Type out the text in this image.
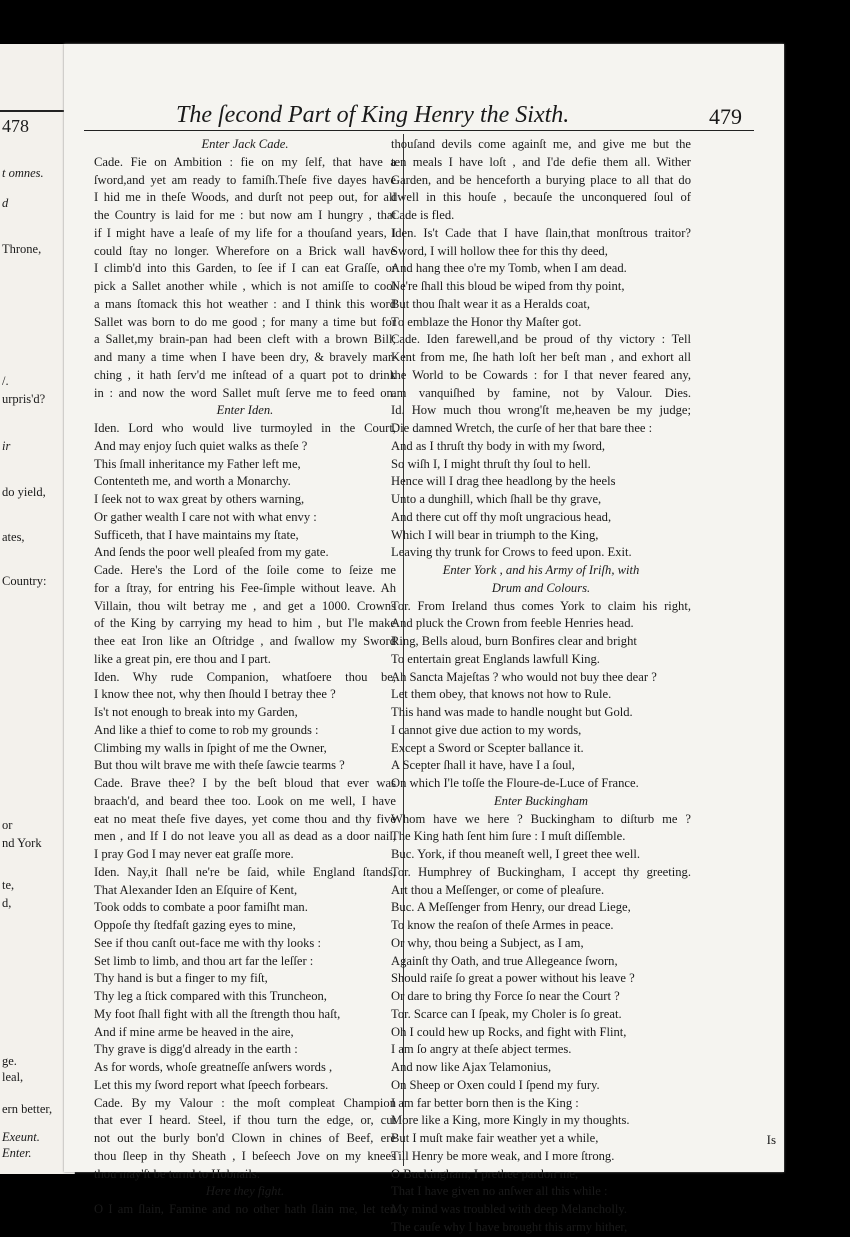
478
t omnes.
d
Throne,
/.
urpris'd?
ir
do yield,
ates,
Country:
or
nd York
te,
d,
ge.
leal,
ern better,
Exeunt.
Enter.
The ſecond Part of King Henry the Sixth.	479
Enter Jack Cade.
Cade. Fie on Ambition : fie on my ſelf, that have a
ſword,and yet am ready to famiſh.Theſe five dayes have
I hid me in theſe Woods, and durſt not peep out, for all
the Country is laid for me : but now am I hungry , that
if I might have a leaſe of my life for a thouſand years, I
could ſtay no longer. Wherefore on a Brick wall have
I climb'd into this Garden, to ſee if I can eat Graſſe, or
pick a Sallet another while , which is not amiſſe to cool
a mans ſtomack this hot weather : and I think this word
Sallet was born to do me good ; for many a time but for
a Sallet,my brain-pan had been cleft with a brown Bill;
and many a time when I have been dry, & bravely mar-
ching , it hath ſerv'd me inſtead of a quart pot to drink
in : and now the word Sallet muſt ſerve me to feed on.
Enter Iden.
Iden. Lord who would live turmoyled in the Court,
And may enjoy ſuch quiet walks as theſe ?
This ſmall inheritance my Father left me,
Contenteth me, and worth a Monarchy.
I ſeek not to wax great by others warning,
Or gather wealth I care not with what envy :
Sufficeth, that I have maintains my ſtate,
And ſends the poor well pleaſed from my gate.
Cade. Here's the Lord of the ſoile come to ſeize me
for a ſtray, for entring his Fee-ſimple without leave. Ah
Villain, thou wilt betray me , and get a 1000. Crowns
of the King by carrying my head to him , but I'le make
thee eat Iron like an Oſtridge , and ſwallow my Sword
like a great pin, ere thou and I part.
Iden. Why rude Companion, whatſoere thou be,
I know thee not, why then ſhould I betray thee ?
Is't not enough to break into my Garden,
And like a thief to come to rob my grounds :
Climbing my walls in ſpight of me the Owner,
But thou wilt brave me with theſe ſawcie tearms ?
Cade. Brave thee? I by the beſt bloud that ever was
braach'd, and beard thee too. Look on me well, I have
eat no meat theſe five dayes, yet come thou and thy five
men , and If I do not leave you all as dead as a door nail,
I pray God I may never eat graſſe more.
Iden. Nay,it ſhall ne're be ſaid, while England ſtands,
That Alexander Iden an Eſquire of Kent,
Took odds to combate a poor famiſht man.
Oppoſe thy ſtedfaſt gazing eyes to mine,
See if thou canſt out-face me with thy looks :
Set limb to limb, and thou art far the leſſer :
Thy hand is but a finger to my fiſt,
Thy leg a ſtick compared with this Truncheon,
My foot ſhall fight with all the ſtrength thou haſt,
And if mine arme be heaved in the aire,
Thy grave is digg'd already in the earth :
As for words, whoſe greatneſſe anſwers words ,
Let this my ſword report what ſpeech forbears.
Cade. By my Valour : the moſt compleat Champion
that ever I heard. Steel, if thou turn the edge, or, cut
not out the burly bon'd Clown in chines of Beef, ere
thou ſleep in thy Sheath , I beſeech Jove on my knees
thou may'ſt be turnd to Hobnails.
Here they fight.
O I am ſlain, Famine and no other hath ſlain me, let ten
thouſand devils come againſt me, and give me but the
ten meals I have loſt , and I'de defie them all. Wither
Garden, and be henceforth a burying place to all that do
dwell in this houſe , becauſe the unconquered ſoul of
Cade is fled.
Iden. Is't Cade that I have ſlain,that monſtrous traitor?
Sword, I will hollow thee for this thy deed,
And hang thee o're my Tomb, when I am dead.
Ne're ſhall this bloud be wiped from thy point,
But thou ſhalt wear it as a Heralds coat,
To emblaze the Honor thy Maſter got.
Cade. Iden farewell,and be proud of thy victory : Tell
Kent from me, ſhe hath loſt her beſt man , and exhort all
the World to be Cowards : for I that never feared any,
am vanquiſhed by famine, not by Valour. Dies.
Id. How much thou wrong'ſt me,heaven be my judge;
Die damned Wretch, the curſe of her that bare thee :
And as I thruſt thy body in with my ſword,
So wiſh I, I might thruſt thy ſoul to hell.
Hence will I drag thee headlong by the heels
Unto a dunghill, which ſhall be thy grave,
And there cut off thy moſt ungracious head,
Which I will bear in triumph to the King,
Leaving thy trunk for Crows to feed upon. Exit.
Enter York , and his Army of Iriſh, with
Drum and Colours.
Tor. From Ireland thus comes York to claim his right,
And pluck the Crown from feeble Henries head.
Ring, Bells aloud, burn Bonfires clear and bright
To entertain great Englands lawfull King.
Ah Sancta Majeſtas ? who would not buy thee dear ?
Let them obey, that knows not how to Rule.
This hand was made to handle nought but Gold.
I cannot give due action to my words,
Except a Sword or Scepter ballance it.
A Scepter ſhall it have, have I a ſoul,
On which I'le toſſe the Floure-de-Luce of France.
Enter Buckingham
Whom have we here ? Buckingham to diſturb me ?
The King hath ſent him ſure : I muſt diſſemble.
Buc. York, if thou meaneſt well, I greet thee well.
Tor. Humphrey of Buckingham, I accept thy greeting.
Art thou a Meſſenger, or come of pleaſure.
Buc. A Meſſenger from Henry, our dread Liege,
To know the reaſon of theſe Armes in peace.
Or why, thou being a Subject, as I am,
Againſt thy Oath, and true Allegeance ſworn,
Should raiſe ſo great a power without his leave ?
Or dare to bring thy Force ſo near the Court ?
Tor. Scarce can I ſpeak, my Choler is ſo great.
Oh I could hew up Rocks, and fight with Flint,
I am ſo angry at theſe abject termes.
And now like Ajax Telamonius,
On Sheep or Oxen could I ſpend my fury.
I am far better born then is the King :
More like a King, more Kingly in my thoughts.
But I muſt make fair weather yet a while,
Till Henry be more weak, and I more ſtrong.
O Buckingham, I prethee pardon me,
That I have given no anſwer all this while :
My mind was troubled with deep Melancholly.
The cauſe why I have brought this army hither,
Is
